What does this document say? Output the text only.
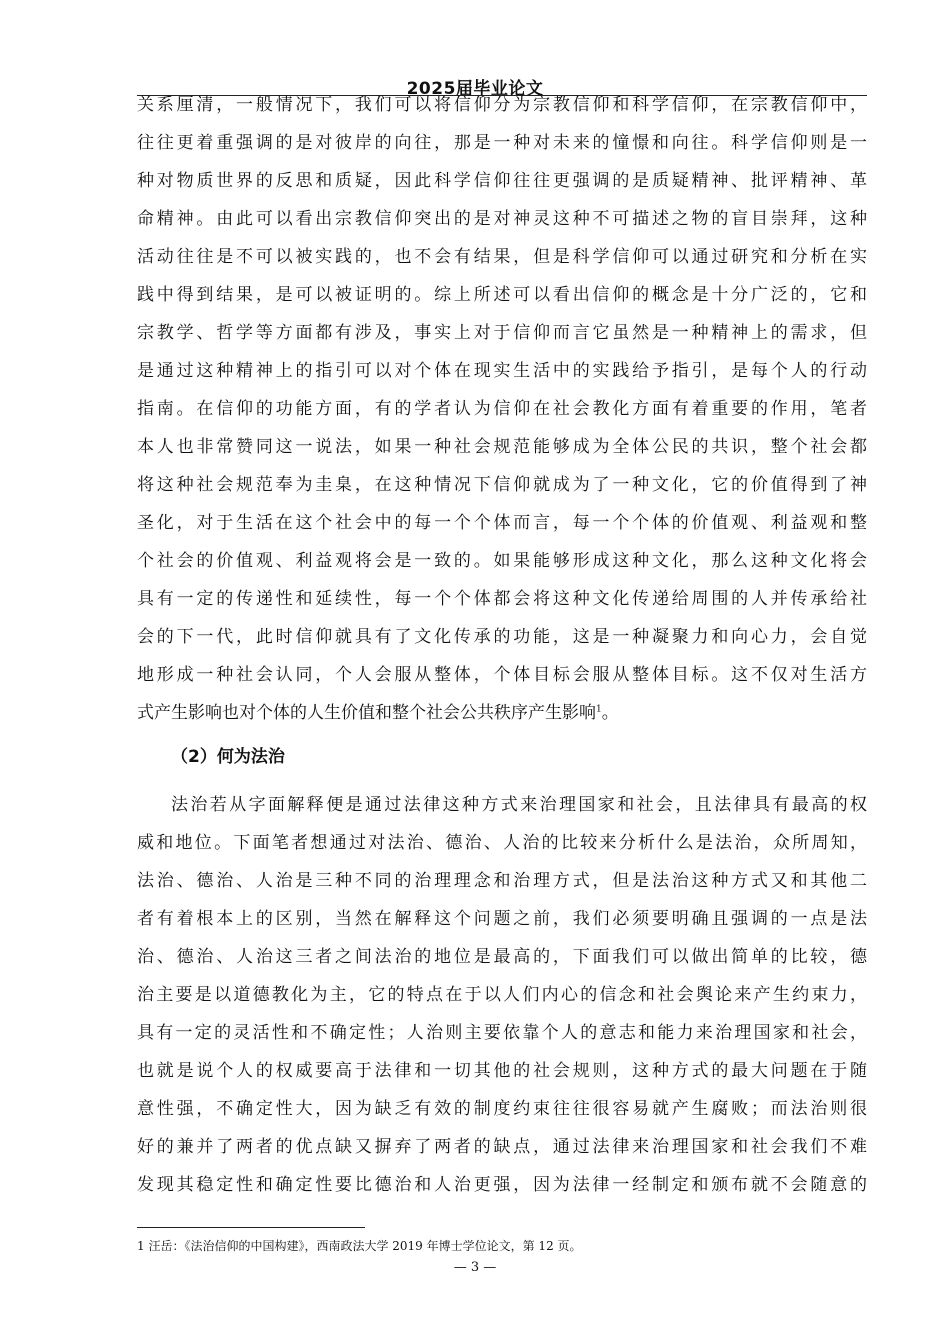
2025届毕业论文
关系厘清，一般情况下，我们可以将信仰分为宗教信仰和科学信仰，在宗教信仰中，
往往更着重强调的是对彼岸的向往，那是一种对未来的憧憬和向往。科学信仰则是一
种对物质世界的反思和质疑，因此科学信仰往往更强调的是质疑精神、批评精神、革
命精神。由此可以看出宗教信仰突出的是对神灵这种不可描述之物的盲目崇拜，这种
活动往往是不可以被实践的，也不会有结果，但是科学信仰可以通过研究和分析在实
践中得到结果，是可以被证明的。综上所述可以看出信仰的概念是十分广泛的，它和
宗教学、哲学等方面都有涉及，事实上对于信仰而言它虽然是一种精神上的需求，但
是通过这种精神上的指引可以对个体在现实生活中的实践给予指引，是每个人的行动
指南。在信仰的功能方面，有的学者认为信仰在社会教化方面有着重要的作用，笔者
本人也非常赞同这一说法，如果一种社会规范能够成为全体公民的共识，整个社会都
将这种社会规范奉为圭臬，在这种情况下信仰就成为了一种文化，它的价值得到了神
圣化，对于生活在这个社会中的每一个个体而言，每一个个体的价值观、利益观和整
个社会的价值观、利益观将会是一致的。如果能够形成这种文化，那么这种文化将会
具有一定的传递性和延续性，每一个个体都会将这种文化传递给周围的人并传承给社
会的下一代，此时信仰就具有了文化传承的功能，这是一种凝聚力和向心力，会自觉
地形成一种社会认同，个人会服从整体，个体目标会服从整体目标。这不仅对生活方
式产生影响也对个体的人生价值和整个社会公共秩序产生影响$^1$。
（2）何为法治
法治若从字面解释便是通过法律这种方式来治理国家和社会，且法律具有最高的权
威和地位。下面笔者想通过对法治、德治、人治的比较来分析什么是法治，众所周知，
法治、德治、人治是三种不同的治理理念和治理方式，但是法治这种方式又和其他二
者有着根本上的区别，当然在解释这个问题之前，我们必须要明确且强调的一点是法
治、德治、人治这三者之间法治的地位是最高的，下面我们可以做出简单的比较，德
治主要是以道德教化为主，它的特点在于以人们内心的信念和社会舆论来产生约束力，
具有一定的灵活性和不确定性；人治则主要依靠个人的意志和能力来治理国家和社会，
也就是说个人的权威要高于法律和一切其他的社会规则，这种方式的最大问题在于随
意性强，不确定性大，因为缺乏有效的制度约束往往很容易就产生腐败；而法治则很
好的兼并了两者的优点缺又摒弃了两者的缺点，通过法律来治理国家和社会我们不难
发现其稳定性和确定性要比德治和人治更强，因为法律一经制定和颁布就不会随意的
1 汪岳：《法治信仰的中国构建》，西南政法大学 2019 年博士学位论文，第 12 页。
— 3 —
